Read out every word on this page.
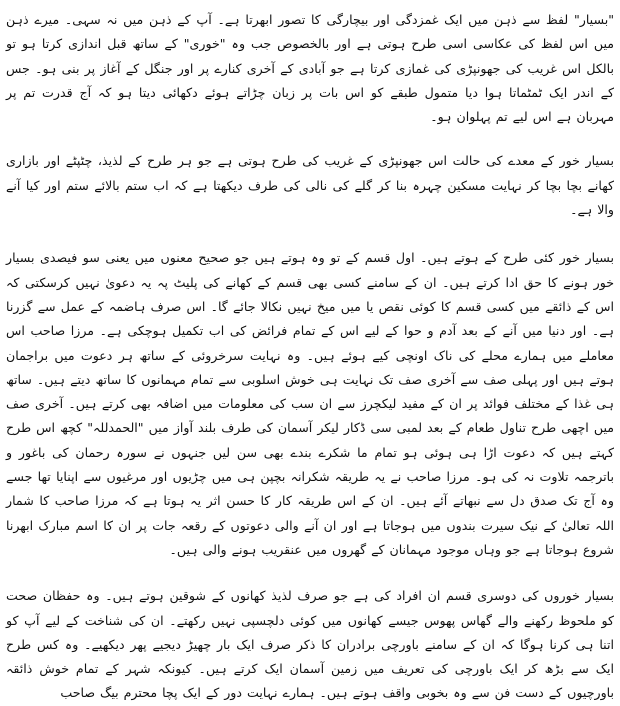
"بسیار" لفظ سے ذہن میں ایک غمزدگی اور بیچارگی کا تصور ابھرتا ہے۔ آپ کے ذہن میں نہ سہی۔ میرے ذہن میں اس لفظ کی عکاسی اسی طرح ہوتی ہے اور بالخصوص جب وہ "خوری" کے ساتھ قبل اندازی کرتا ہو تو بالکل اس غریب کی جھونپڑی کی غمازی کرتا ہے جو آبادی کے آخری کنارے پر اور جنگل کے آغاز پر بنی ہو۔ جس کے اندر ایک ٹمٹماتا ہوا دیا متمول طبقے کو اس بات پر زبان چڑاتے ہوئے دکھائی دیتا ہو کہ آج قدرت تم پر مہربان ہے اس لیے تم پہلوان ہو۔

بسیار خور کے معدے کی حالت اس جھونپڑی کے غریب کی طرح ہوتی ہے جو ہر طرح کے لذیذ، چٹپٹے اور بازاری کھانے بچا بچا کر نہایت مسکین چہرہ بنا کر گلے کی نالی کی طرف دیکھتا ہے کہ اب ستم بالائے ستم اور کیا آنے والا ہے۔

بسیار خور کئی طرح کے ہوتے ہیں۔ اول قسم کے تو وہ ہوتے ہیں جو صحیح معنوں میں یعنی سو فیصدی بسیار خور ہونے کا حق ادا کرتے ہیں۔ ان کے سامنے کسی بھی قسم کے کھانے کی پلیٹ پہ یہ دعویٰ نہیں کرسکتی کہ اس کے ذائقے میں کسی قسم کا کوئی نقص یا میں میخ نہیں نکالا جائے گا۔ اس صرف ہاضمہ کے عمل سے گزرنا ہے۔ اور دنیا میں آنے کے بعد آدم و حوا کے لیے اس کے تمام فرائض کی اب تکمیل ہوچکی ہے۔ مرزا صاحب اس معاملے میں ہمارے محلے کی ناک اونچی کیے ہوئے ہیں۔ وہ نہایت سرخروئی کے ساتھ ہر دعوت میں براجمان ہوتے ہیں اور پہلی صف سے آخری صف تک نہایت ہی خوش اسلوبی سے تمام مہمانوں کا ساتھ دیتے ہیں۔ ساتھ ہی غذا کے مختلف فوائد پر ان کے مفید لیکچرز سے ان سب کی معلومات میں اضافہ بھی کرتے ہیں۔ آخری صف میں اچھی طرح تناول طعام کے بعد لمبی سی ڈکار لیکر آسمان کی طرف بلند آواز میں "الحمدللہ" کچھ اس طرح کہتے ہیں کہ دعوت اڑا ہی ہوئی ہو تمام ما شکرے بندے بھی سن لیں جنہوں نے سورہ رحمان کی باغور و باترجمہ تلاوت نہ کی ہو۔ مرزا صاحب نے یہ طریقہ شکرانہ بچپن ہی میں چڑیوں اور مرغیوں سے اپنایا تھا جسے وہ آج تک صدق دل سے نبھاتے آئے ہیں۔ ان کے اس طریقہ کار کا حسن اثر یہ ہوتا ہے کہ مرزا صاحب کا شمار اللہ تعالیٰ کے نیک سیرت بندوں میں ہوجاتا ہے اور ان آنے والی دعوتوں کے رقعہ جات پر ان کا اسم مبارک ابھرنا شروع ہوجاتا ہے جو وہاں موجود مہمانان کے گھروں میں عنقریب ہونے والی ہیں۔

بسیار خوروں کی دوسری قسم ان افراد کی ہے جو صرف لذیذ کھانوں کے شوقین ہوتے ہیں۔ وہ حفظان صحت کو ملحوظ رکھنے والے گھاس پھوس جیسے کھانوں میں کوئی دلچسپی نہیں رکھتے۔ ان کی شناخت کے لیے آپ کو اتنا ہی کرنا ہوگا کہ ان کے سامنے باورچی برادران کا ذکر صرف ایک بار چھیڑ دیجیے پھر دیکھیے۔ وہ کس طرح ایک سے بڑھ کر ایک باورچی کی تعریف میں زمین آسمان ایک کرتے ہیں۔ کیونکہ شہر کے تمام خوش ذائقہ باورچیوں کے دست فن سے وہ بخوبی واقف ہوتے ہیں۔ ہمارے نہایت دور کے ایک پچا محترم بیگ صاحب
